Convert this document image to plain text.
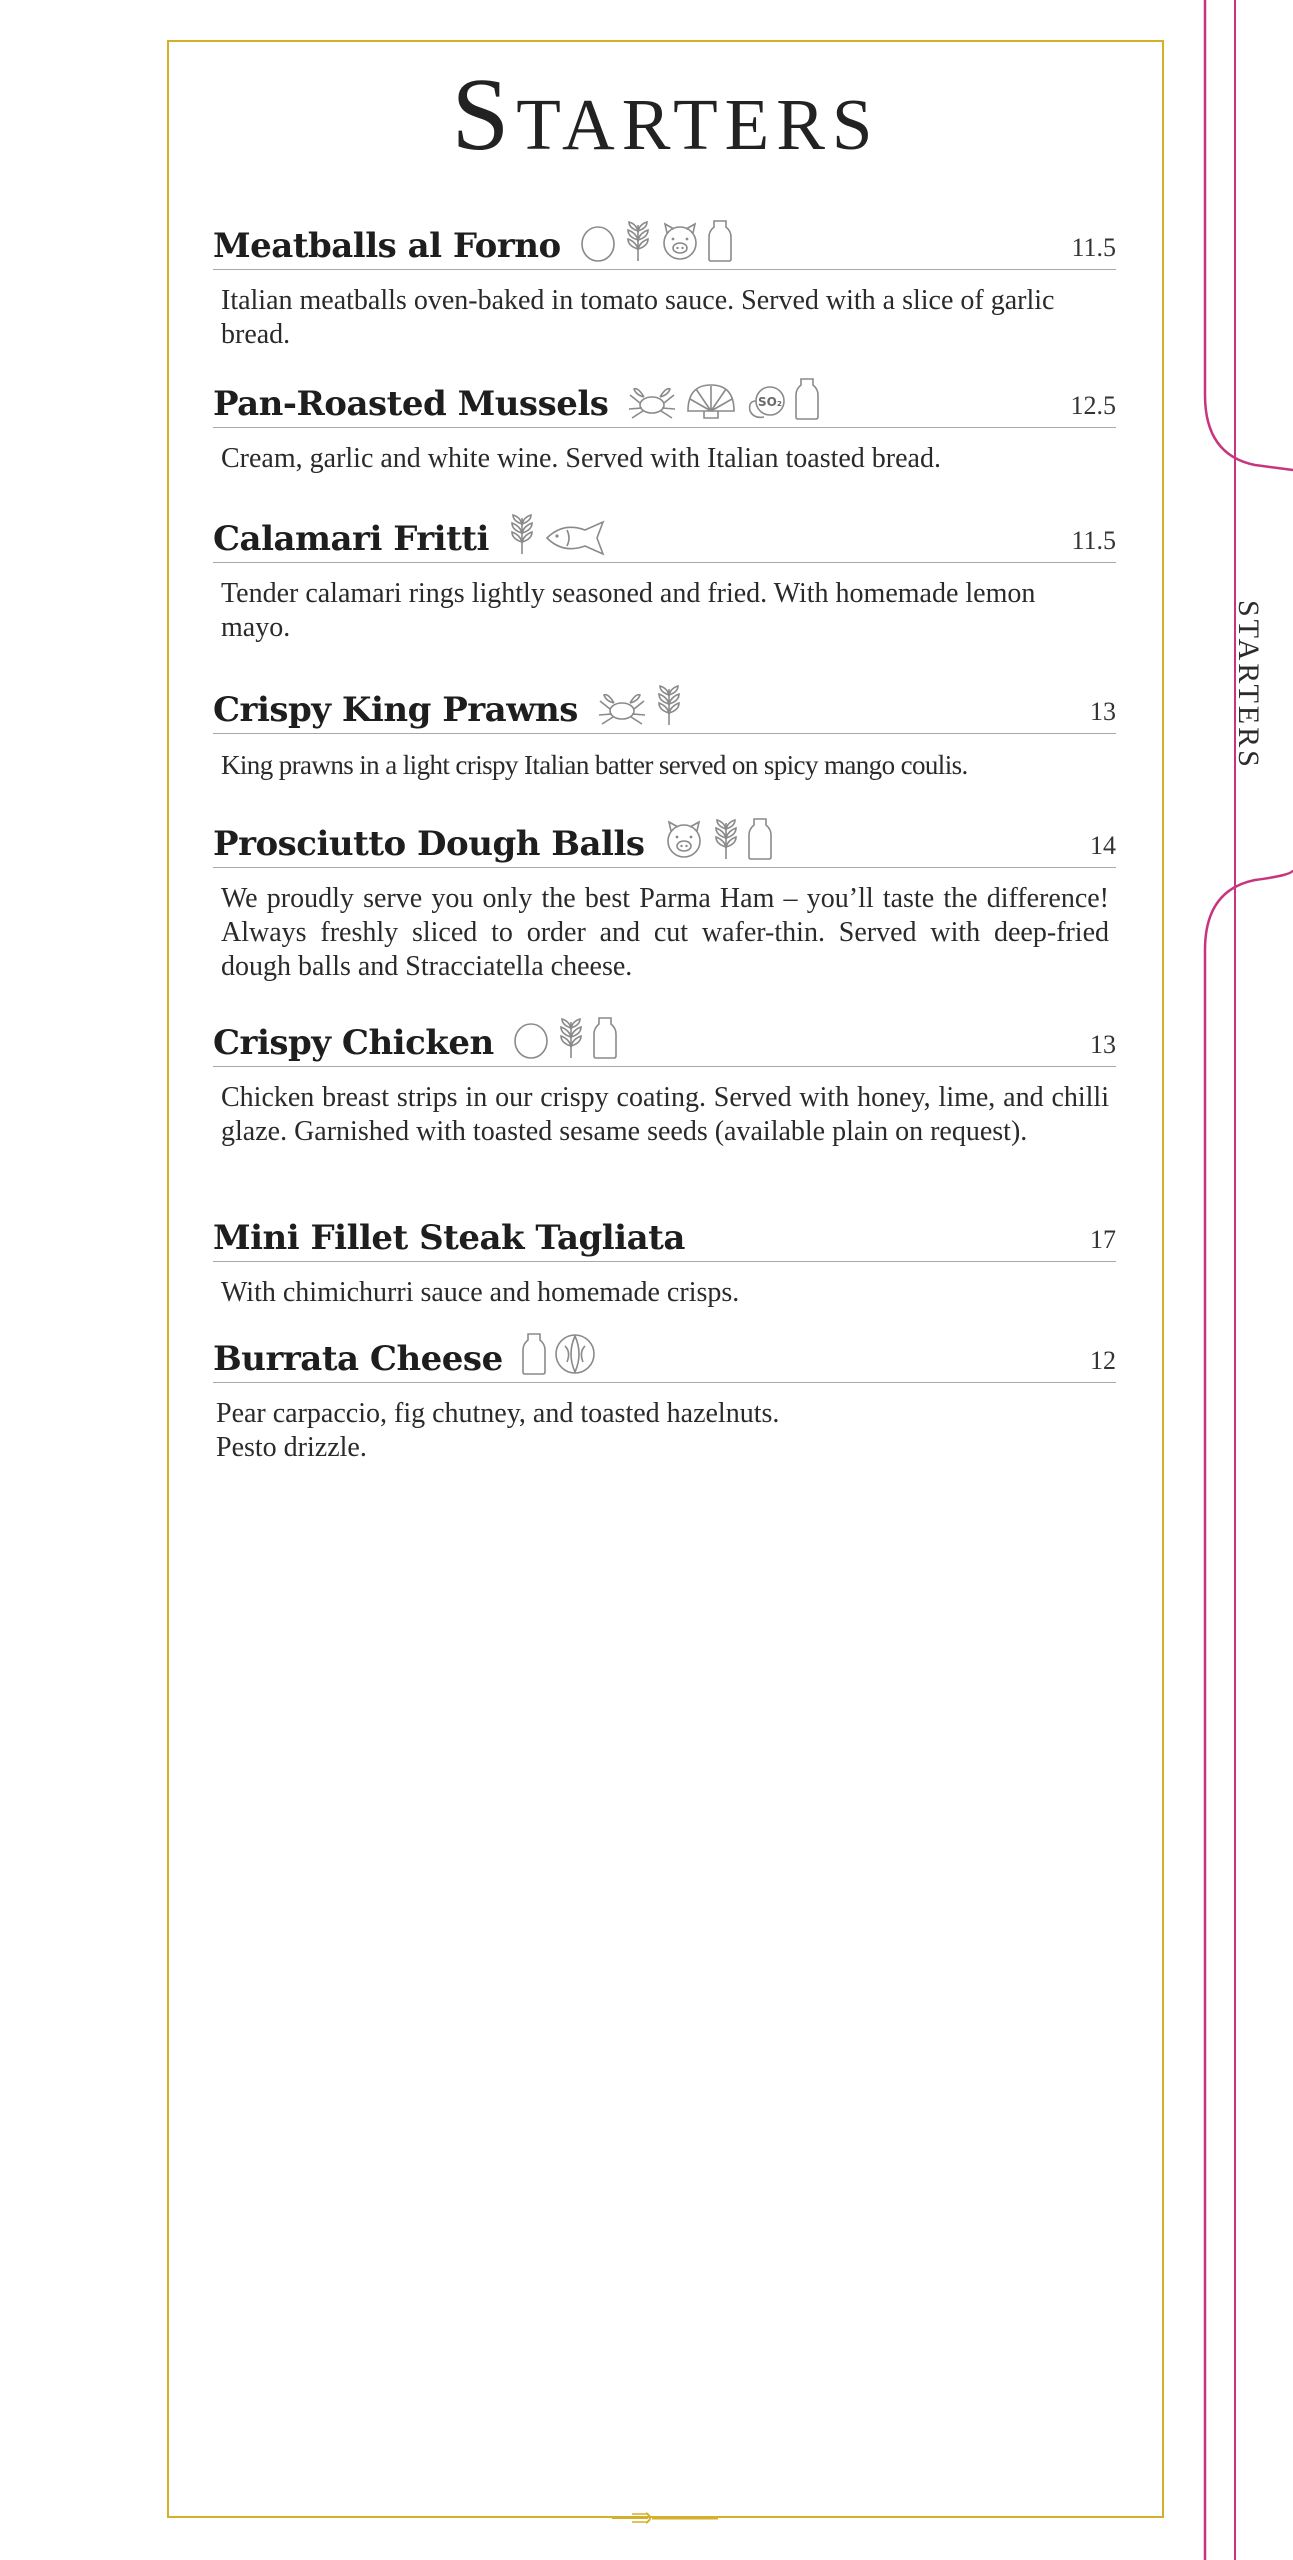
STARTERS
Starters
Meatballs al Forno	11.5
Italian meatballs oven-baked in tomato sauce. Served with a slice of garlic bread.
Pan-Roasted Mussels	SO₂	12.5
Cream, garlic and white wine. Served with Italian toasted bread.
Calamari Fritti	11.5
Tender calamari rings lightly seasoned and fried. With homemade lemon mayo.
Crispy King Prawns	13
King prawns in a light crispy Italian batter served on spicy mango coulis.
Prosciutto Dough Balls	14
We proudly serve you only the best Parma Ham – you’ll taste the difference! Always freshly sliced to order and cut wafer-thin. Served with deep-fried dough balls and Stracciatella cheese.
Crispy Chicken	13
Chicken breast strips in our crispy coating. Served with honey, lime, and chilli glaze. Garnished with toasted sesame seeds (available plain on request).
Mini Fillet Steak Tagliata	17
With chimichurri sauce and homemade crisps.
Burrata Cheese	12
Pear carpaccio, fig chutney, and toasted hazelnuts.
Pesto drizzle.
